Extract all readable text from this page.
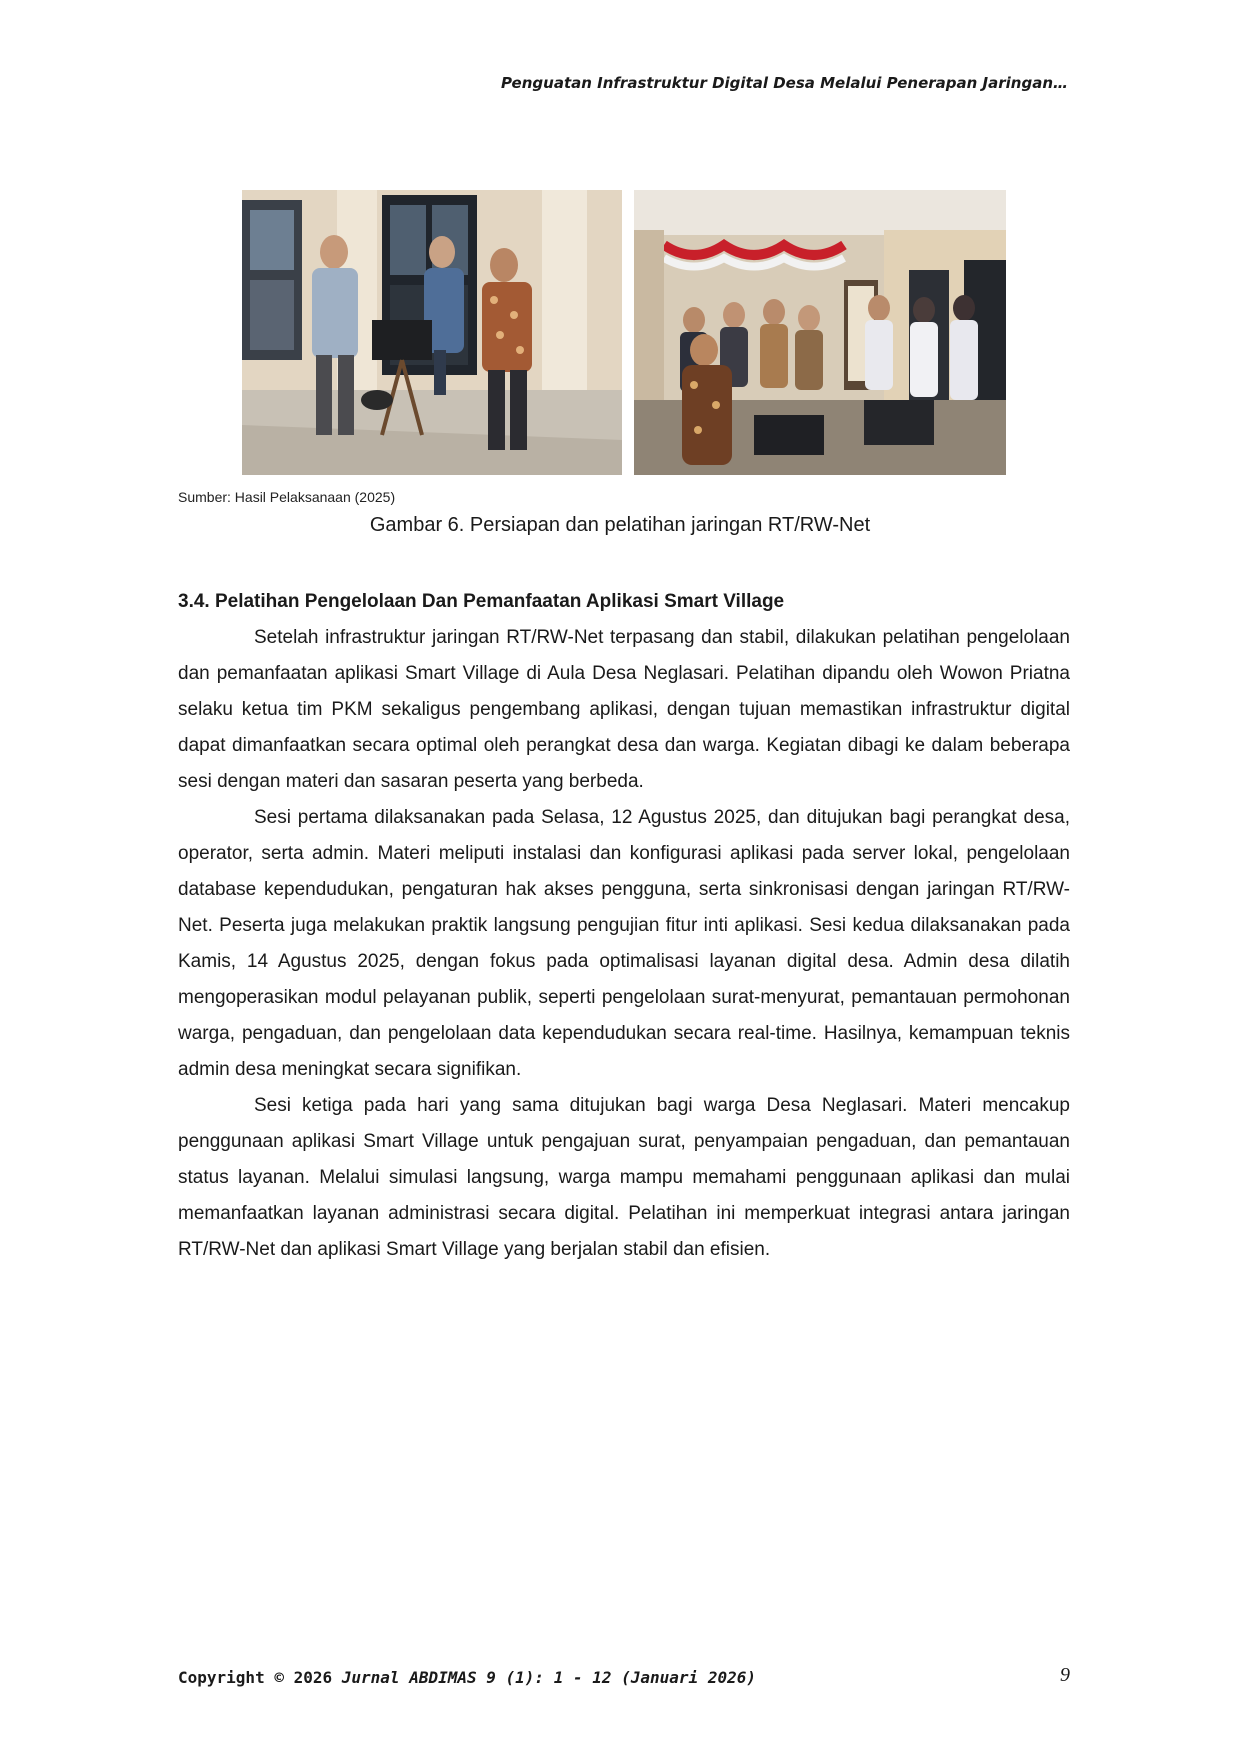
Penguatan Infrastruktur Digital Desa Melalui Penerapan Jaringan…
Sumber: Hasil Pelaksanaan (2025)
Gambar 6. Persiapan dan pelatihan jaringan RT/RW-Net
3.4. Pelatihan Pengelolaan Dan Pemanfaatan Aplikasi Smart Village

Setelah infrastruktur jaringan RT/RW-Net terpasang dan stabil, dilakukan pelatihan pengelolaan dan pemanfaatan aplikasi Smart Village di Aula Desa Neglasari. Pelatihan dipandu oleh Wowon Priatna selaku ketua tim PKM sekaligus pengembang aplikasi, dengan tujuan memastikan infrastruktur digital dapat dimanfaatkan secara optimal oleh perangkat desa dan warga. Kegiatan dibagi ke dalam beberapa sesi dengan materi dan sasaran peserta yang berbeda.

Sesi pertama dilaksanakan pada Selasa, 12 Agustus 2025, dan ditujukan bagi perangkat desa, operator, serta admin. Materi meliputi instalasi dan konfigurasi aplikasi pada server lokal, pengelolaan database kependudukan, pengaturan hak akses pengguna, serta sinkronisasi dengan jaringan RT/RW-Net. Peserta juga melakukan praktik langsung pengujian fitur inti aplikasi. Sesi kedua dilaksanakan pada Kamis, 14 Agustus 2025, dengan fokus pada optimalisasi layanan digital desa. Admin desa dilatih mengoperasikan modul pelayanan publik, seperti pengelolaan surat-menyurat, pemantauan permohonan warga, pengaduan, dan pengelolaan data kependudukan secara real-time. Hasilnya, kemampuan teknis admin desa meningkat secara signifikan.

Sesi ketiga pada hari yang sama ditujukan bagi warga Desa Neglasari. Materi mencakup penggunaan aplikasi Smart Village untuk pengajuan surat, penyampaian pengaduan, dan pemantauan status layanan. Melalui simulasi langsung, warga mampu memahami penggunaan aplikasi dan mulai memanfaatkan layanan administrasi secara digital. Pelatihan ini memperkuat integrasi antara jaringan RT/RW-Net dan aplikasi Smart Village yang berjalan stabil dan efisien.

Copyright © 2026 Jurnal ABDIMAS 9 (1): 1 - 12 (Januari 2026)	9
